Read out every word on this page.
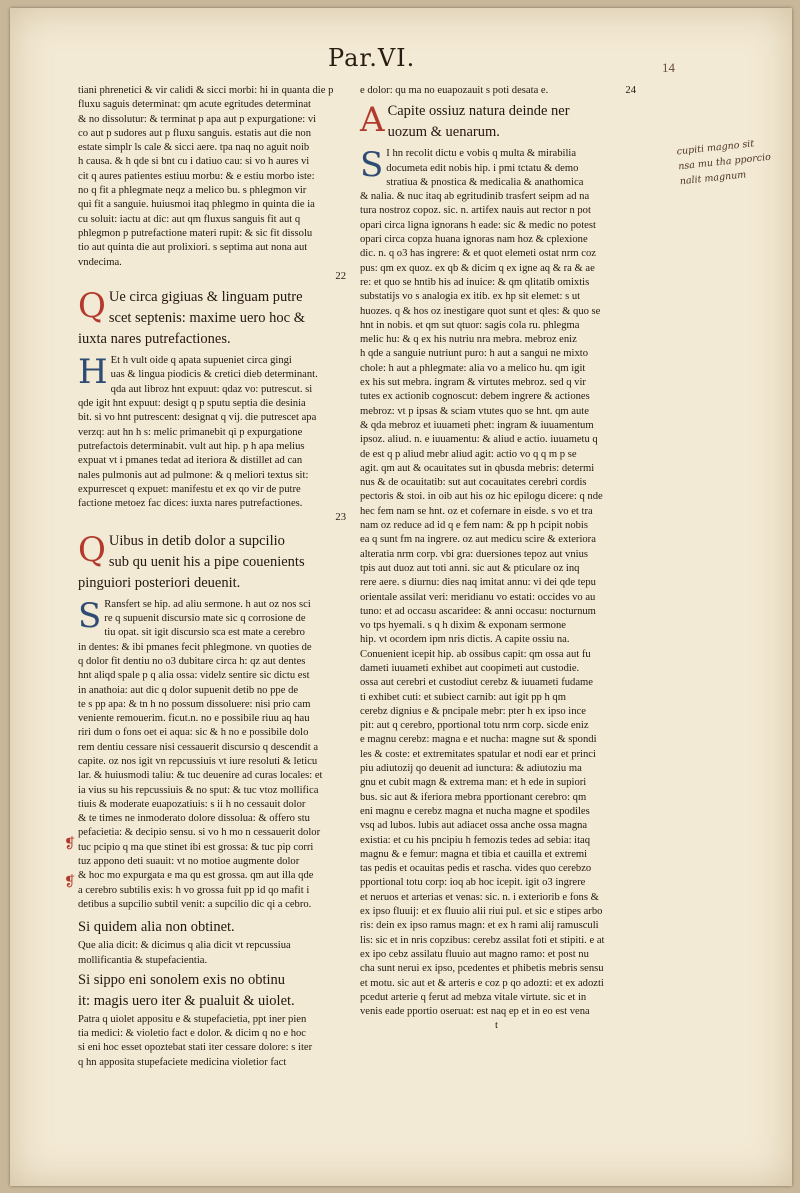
Par.VI.	14
tiani phrenetici & vir calidi & sicci morbi: hi in quanta die p
fluxu saguis determinat: qm acute egritudes determinat
& no dissolutur: & terminat p apa aut p expurgatione: vi
co aut p sudores aut p fluxu sanguis. estatis aut die non
estate simplr ls cale & sicci aere. tpa naq no aguit noib
h causa. & h qde si bnt cu i datiuo cau: si vo h aures vi
cit q aures patientes estiuu morbu: & e estiu morbo iste:
no q fit a phlegmate neqz a melico bu. s phlegmon vir
qui fit a sanguie. huiusmoi itaq phlegmo in quinta die ia
cu soluit: iactu at dic: aut qm fluxus sanguis fit aut q
phlegmon p putrefactione materi rupit: & sic fit dissolu
tio aut quinta die aut prolixiori. s septima aut nona aut
vndecima.
22
Q Ue circa gigiuas & linguam putre
scet septenis: maxime uero hoc &
iuxta nares putrefactiones.
H Et h vult oide q apata supueniet circa gingi
uas & lingua piodicis & cretici dieb determinant.
qda aut libroz hnt expuut: qdaz vo: putrescut. si
qde igit hnt expuut: desigt q p sputu septia die desinia
bit. si vo hnt putrescent: designat q vij. die putrescet apa
verzq: aut hn h s: melic primanebit qi p expurgatione
putrefactois determinabit. vult aut hip. p h apa melius
expuat vt i pmanes tedat ad iteriora & distillet ad can
nales pulmonis aut ad pulmone: & q meliori textus sit:
expurrescet q expuet: manifestu et ex qo vir de putre
factione metoez fac dices: iuxta nares putrefactiones.
23
Q Uibus in detib dolor a supcilio
sub qu uenit his a pipe couenients
pinguiori posteriori deuenit.
S Ransfert se hip. ad aliu sermone. h aut oz nos sci
re q supuenit discursio mate sic q corrosione de
tiu opat. sit igit discursio sca est mate a cerebro
in dentes: & ibi pmanes fecit phlegmone. vn quoties de
q dolor fit dentiu no o3 dubitare circa h: qz aut dentes
hnt aliqd spale p q alia ossa: videlz sentire sic dictu est
in anathoia: aut dic q dolor supuenit detib no ppe de
te s pp apa: & tn h no possum dissoluere: nisi prio cam
veniente remouerim. ficut.n. no e possibile riuu aq hau
riri dum o fons oet ei aqua: sic & h no e possibile dolo
rem dentiu cessare nisi cessauerit discursio q descendit a
capite. oz nos igit vn repcussiuis vt iure resoluti & leticu
lar. & huiusmodi taliu: & tuc deuenire ad curas locales: et
ia vius su his repcussiuis & no sput: & tuc vtoz mollifica
tiuis & moderate euapozatiuis: s ii h no cessauit dolor
& te times ne inmoderato dolore dissolua: & offero stu
pefacietia: & decipio sensu. si vo h mo n cessauerit dolor
tuc pcipio q ma que stinet ibi est grossa: & tuc pip corri
tuz appono deti suauit: vt no motioe augmente dolor
& hoc mo expurgata e ma qu est grossa. qm aut illa qde
a cerebro subtilis exis: h vo grossa fuit pp id qo mafit i
detibus a supcilio subtil venit: a supcilio dic qi a cebro.
Si quidem alia non obtinet.
Que alia dicit: & dicimus q alia dicit vt repcussiua
mollificantia & stupefacientia.
Si sippo eni sonolem exis no obtinu
it: magis uero iter & pualuit & uiolet.
Patra q uiolet appositu e & stupefacietia, ppt iner pien
tia medici: & violetio fact e dolor. & dicim q no e hoc
si eni hoc esset opoztebat stati iter cessare dolore: s iter
q hn apposita stupefaciete medicina violetior fact
e dolor: qu ma no euapozauit s poti desata e.	24
A Capite ossiuz natura deinde ner
uozum & uenarum.
S I hn recolit dictu e vobis q multa & mirabilia
documeta edit nobis hip. i pmi tctatu & demo
stratiua & pnostica & medicalia & anathomica
& nalia. & nuc itaq ab egritudinib trasfert seipm ad na
tura nostroz copoz. sic. n. artifex nauis aut rector n pot
opari circa ligna ignorans h eade: sic & medic no potest
opari circa copza huana ignoras nam hoz & cplexione
dic. n. q o3 has ingrere: & et quot elemeti ostat nrm coz
pus: qm ex quoz. ex qb & dicim q ex igne aq & ra & ae
re: et quo se hntib his ad inuice: & qm qlitatib omixtis
substatijs vo s analogia ex itib. ex hp sit elemet: s ut
huozes. q & hos oz inestigare quot sunt et qles: & quo se
hnt in nobis. et qm sut qtuor: sagis cola ru. phlegma
melic hu: & q ex his nutriu nra mebra. mebroz eniz
h qde a sanguie nutriunt puro: h aut a sangui ne mixto
chole: h aut a phlegmate: alia vo a melico hu. qm igit
ex his sut mebra. ingram & virtutes mebroz. sed q vir
tutes ex actionib cognoscut: debem ingrere & actiones
mebroz: vt p ipsas & sciam vtutes quo se hnt. qm aute
& qda mebroz et iuuameti phet: ingram & iuuamentum
ipsoz. aliud. n. e iuuamentu: & aliud e actio. iuuametu q
de est q p aliud mebr aliud agit: actio vo q q m p se
agit. qm aut & ocauitates sut in qbusda mebris: determi
nus & de ocauitatib: sut aut cocauitates cerebri cordis
pectoris & stoi. in oib aut his oz hic epilogu dicere: q nde
hec fem nam se hnt. oz et cofernare in eisde. s vo et tra
nam oz reduce ad id q e fem nam: & pp h pcipit nobis
ea q sunt fm na ingrere. oz aut medicu scire & exteriora
alteratia nrm corp. vbi gra: duersiones tepoz aut vnius
tpis aut duoz aut toti anni. sic aut & pticulare oz inq
rere aere. s diurnu: dies naq imitat annu: vi dei qde tepu
orientale assilat veri: meridianu vo estati: occides vo au
tuno: et ad occasu ascaridee: & anni occasu: nocturnum
vo tps hyemali. s q h dixim & exponam sermone
hip. vt ocordem ipm nris dictis. A capite ossiu na.
Conuenient icepit hip. ab ossibus capit: qm ossa aut fu
dameti iuuameti exhibet aut coopimeti aut custodie.
ossa aut cerebri et custodiut cerebz & iuuameti fudame
ti exhibet cuti: et subiect carnib: aut igit pp h qm
cerebz dignius e & pncipale mebr: pter h ex ipso ince
pit: aut q cerebro, pportional totu nrm corp. sicde eniz
e magnu cerebz: magna e et nucha: magne sut & spondi
les & coste: et extremitates spatular et nodi ear et princi
piu adiutozij qo deuenit ad iunctura: & adiutoziu ma
gnu et cubit magn & extrema man: et h ede in supiori
bus. sic aut & iferiora mebra pportionant cerebro: qm
eni magnu e cerebz magna et nucha magne et spodiles
vsq ad lubos. lubis aut adiacet ossa anche ossa magna
existia: et cu his pncipiu h femozis tedes ad sebia: itaq
magnu & e femur: magna et tibia et cauilla et extremi
tas pedis et ocauitas pedis et rascha. vides quo cerebzo
pportional totu corp: ioq ab hoc icepit. igit o3 ingrere
et neruos et arterias et venas: sic. n. i exteriorib e fons &
ex ipso fluuij: et ex fluuio alii riui pul. et sic e stipes arbo
ris: dein ex ipso ramus magn: et ex h rami alij ramusculi
lis: sic et in nris copzibus: cerebz assilat foti et stipiti. e at
ex ipo cebz assilatu fluuio aut magno ramo: et post nu
cha sunt nerui ex ipso, pcedentes et phibetis mebris sensu
et motu. sic aut et & arteris e coz p qo adozti: et ex adozti
pcedut arterie q ferut ad mebza vitale virtute. sic et in
venis eade pportio oseruat: est naq ep et in eo est vena
t
cupiti magno sit
nsa mu tha pporcio
nalit magnum
❡
❡
